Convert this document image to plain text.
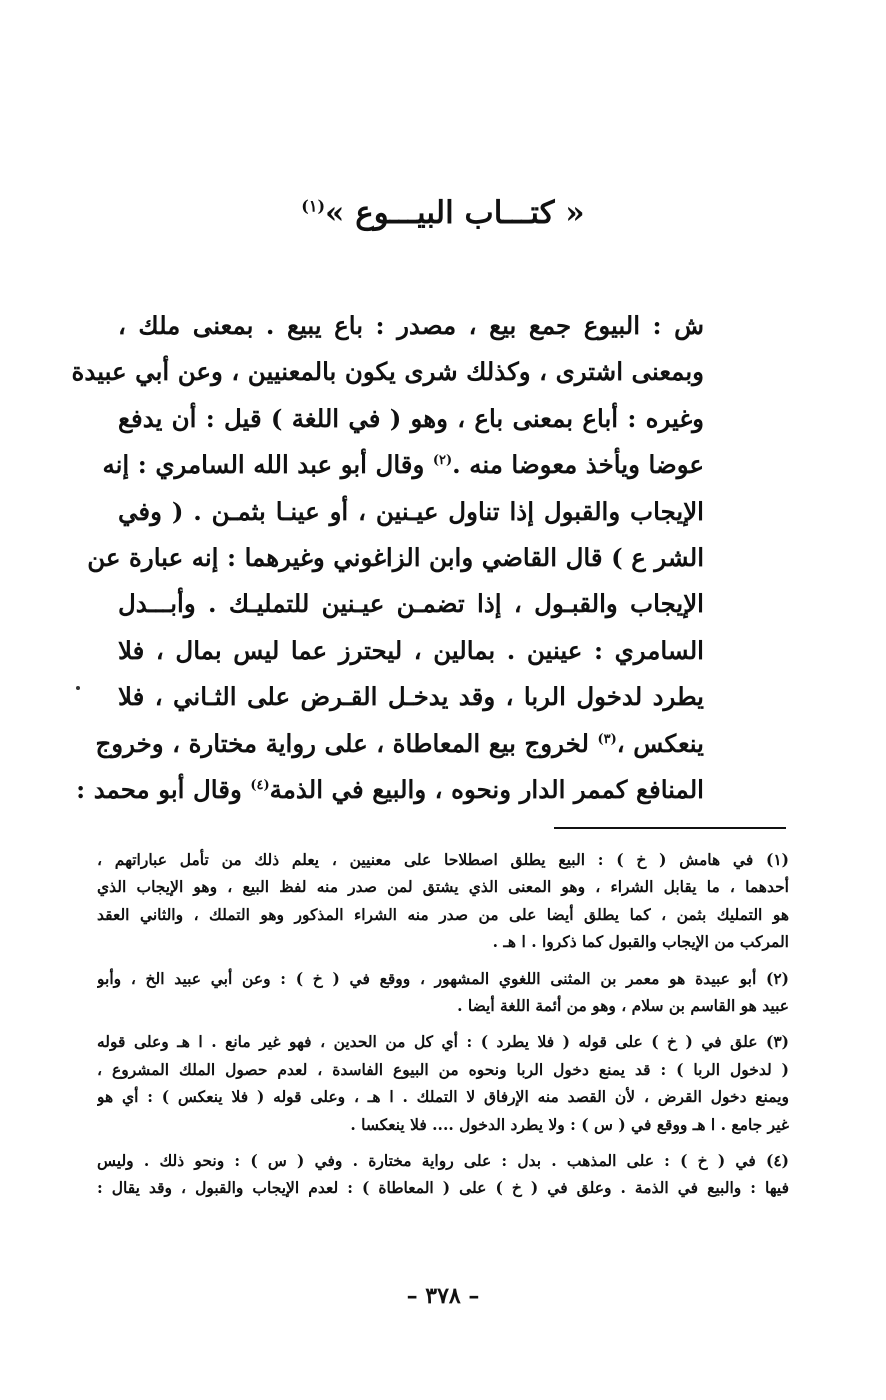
« كتـــاب البيـــوع »$^{(١)}$
ش : البيوع جمع بيع ، مصدر : باع يبيع . بمعنى ملك ،
وبمعنى اشترى ، وكذلك شرى يكون بالمعنيين ، وعن أبي عبيدة
وغيره : أباع بمعنى باع ، وهو ( في اللغة ) قيل : أن يدفع
عوضا ويأخذ معوضا منه .$^{(٢)}$ وقال أبو عبد الله السامري : إنه
الإيجاب والقبول إذا تناول عيـنين ، أو عينـا بثمـن . ( وفي
الشر ع ) قال القاضي وابن الزاغوني وغيرهما : إنه عبارة عن
الإيجاب والقبـول ، إذا تضمـن عيـنين للتمليـك . وأبـــدل
السامري : عينين . بمالين ، ليحترز عما ليس بمال ، فلا
يطرد لدخول الربا ، وقد يدخـل القـرض على الثـاني ، فلا
ينعكس ،$^{(٣)}$ لخروج بيع المعاطاة ، على رواية مختارة ، وخروج
المنافع كممر الدار ونحوه ، والبيع في الذمة$^{(٤)}$ وقال أبو محمد :
(١) في هامش ( خ ) : البيع يطلق اصطلاحا على معنيين ، يعلم ذلك من تأمل عباراتهم ،
أحدهما ، ما يقابل الشراء ، وهو المعنى الذي يشتق لمن صدر منه لفظ البيع ، وهو الإيجاب الذي
هو التمليك بثمن ، كما يطلق أيضا على من صدر منه الشراء المذكور وهو التملك ، والثاني العقد
المركب من الإيجاب والقبول كما ذكروا . ا هـ .
(٢) أبو عبيدة هو معمر بن المثنى اللغوي المشهور ، ووقع في ( خ ) : وعن أبي عبيد الخ ، وأبو
عبيد هو القاسم بن سلام ، وهو من أئمة اللغة أيضا .
(٣) علق في ( خ ) على قوله ( فلا يطرد ) : أي كل من الحدين ، فهو غير مانع . ا هـ وعلى قوله
( لدخول الربا ) : قد يمنع دخول الربا ونحوه من البيوع الفاسدة ، لعدم حصول الملك المشروع ،
ويمنع دخول القرض ، لأن القصد منه الإرفاق لا التملك . ا هـ ، وعلى قوله ( فلا ينعكس ) : أي هو
غير جامع . ا هـ ووقع في ( س ) : ولا يطرد الدخول .... فلا ينعكسا .
(٤) في ( خ ) : على المذهب . بدل : على رواية مختارة . وفي ( س ) : ونحو ذلك . وليس
فيها : والبيع في الذمة . وعلق في ( خ ) على ( المعاطاة ) : لعدم الإيجاب والقبول ، وقد يقال :
– ٣٧٨ –
